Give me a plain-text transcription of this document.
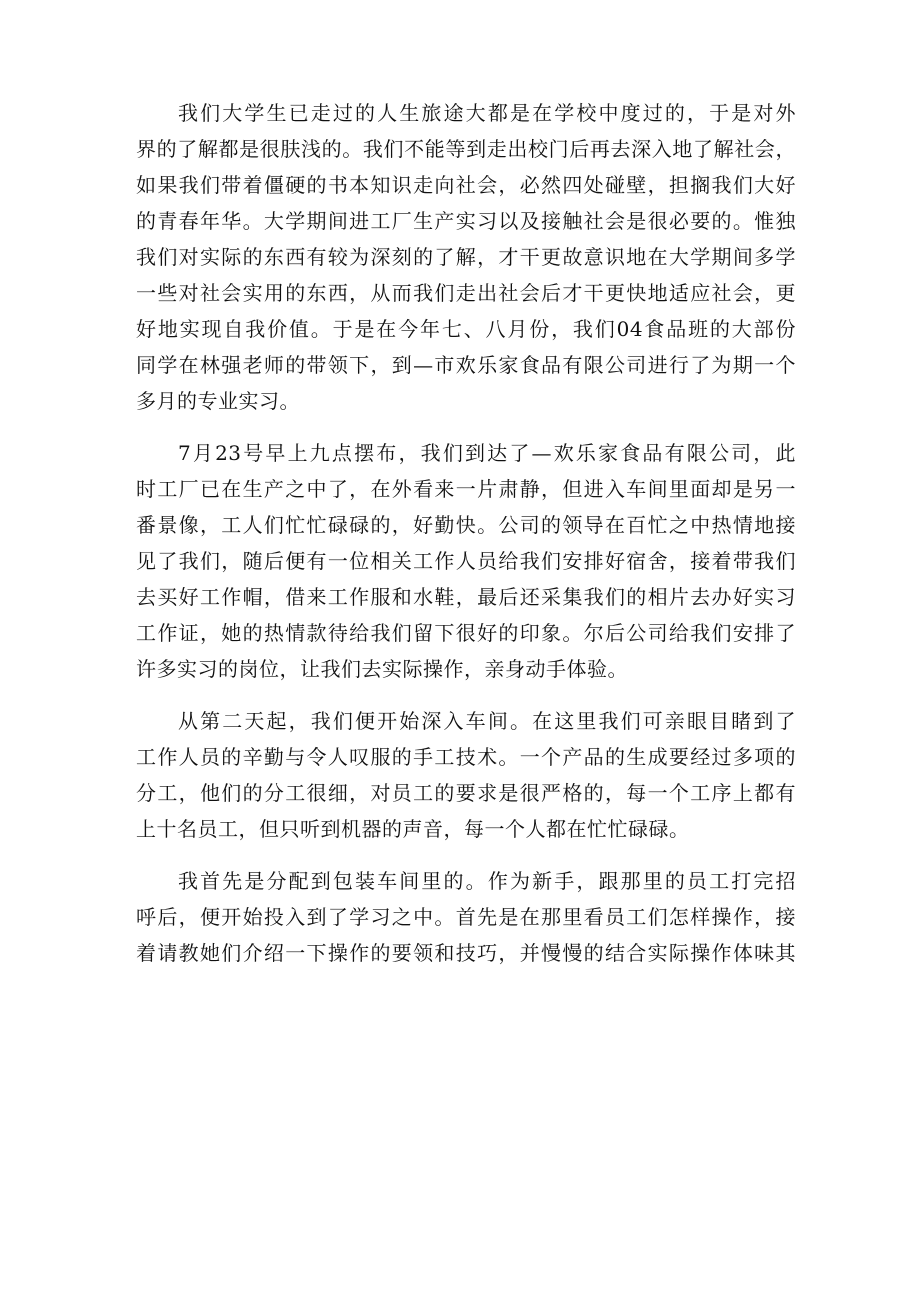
我们大学生已走过的人生旅途大都是在学校中度过的，于是对外
界的了解都是很肤浅的。我们不能等到走出校门后再去深入地了解社会，
如果我们带着僵硬的书本知识走向社会，必然四处碰壁，担搁我们大好
的青春年华。大学期间进工厂生产实习以及接触社会是很必要的。惟独
我们对实际的东西有较为深刻的了解，才干更故意识地在大学期间多学
一些对社会实用的东西，从而我们走出社会后才干更快地适应社会，更
好地实现自我价值。于是在今年七、八月份，我们04食品班的大部份
同学在林强老师的带领下，到—市欢乐家食品有限公司进行了为期一个
多月的专业实习。

7月23号早上九点摆布，我们到达了—欢乐家食品有限公司，此
时工厂已在生产之中了，在外看来一片肃静，但进入车间里面却是另一
番景像，工人们忙忙碌碌的，好勤快。公司的领导在百忙之中热情地接
见了我们，随后便有一位相关工作人员给我们安排好宿舍，接着带我们
去买好工作帽，借来工作服和水鞋，最后还采集我们的相片去办好实习
工作证，她的热情款待给我们留下很好的印象。尔后公司给我们安排了
许多实习的岗位，让我们去实际操作，亲身动手体验。

从第二天起，我们便开始深入车间。在这里我们可亲眼目睹到了
工作人员的辛勤与令人叹服的手工技术。一个产品的生成要经过多项的
分工，他们的分工很细，对员工的要求是很严格的，每一个工序上都有
上十名员工，但只听到机器的声音，每一个人都在忙忙碌碌。

我首先是分配到包装车间里的。作为新手，跟那里的员工打完招
呼后，便开始投入到了学习之中。首先是在那里看员工们怎样操作，接
着请教她们介绍一下操作的要领和技巧，并慢慢的结合实际操作体味其
